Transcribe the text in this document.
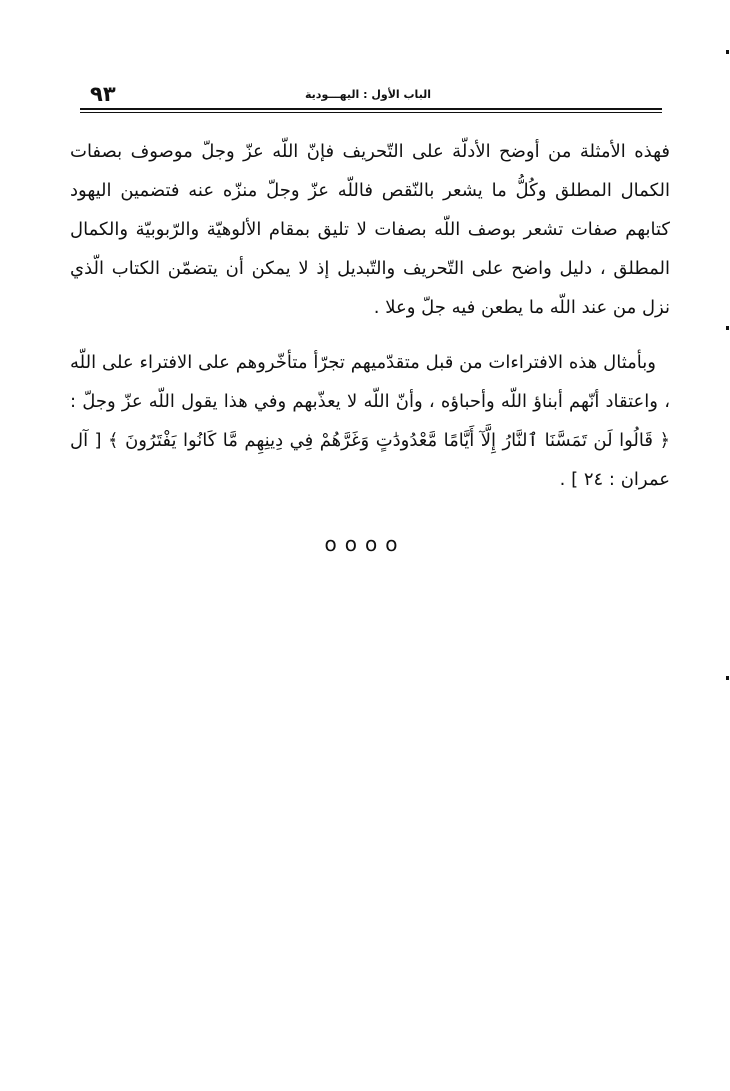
٩٣	الباب الأول : اليهـــودية

فهذه الأمثلة من أوضح الأدلّة على التّحريف فإنّ اللّه عزّ وجلّ موصوف بصفات الكمال المطلق وكُلُّ ما يشعر بالنّقص فاللّه عزّ وجلّ منزّه عنه فتضمين اليهود كتابهم صفات تشعر بوصف اللّه بصفات لا تليق بمقام الألوهيّة والرّبوبيّة والكمال المطلق ، دليل واضح على التّحريف والتّبديل إذ لا يمكن أن يتضمّن الكتاب الّذي نزل من عند اللّه ما يطعن فيه جلّ وعلا .

وبأمثال هذه الافتراءات من قبل متقدّميهم تجرّأ متأخّروهم على الافتراء على اللّه ، واعتقاد أنّهم أبناؤ اللّه وأحباؤه ، وأنّ اللّه لا يعذّبهم وفي هذا يقول اللّه عزّ وجلّ : ﴿ قَالُوا لَن تَمَسَّنَا ٱلنَّارُ إِلَّآ أَيَّامًا مَّعْدُودَٰتٍ وَغَرَّهُمْ فِي دِينِهِم مَّا كَانُوا يَفْتَرُونَ ﴾ [ آل عمران : ٢٤ ] .

oooo
